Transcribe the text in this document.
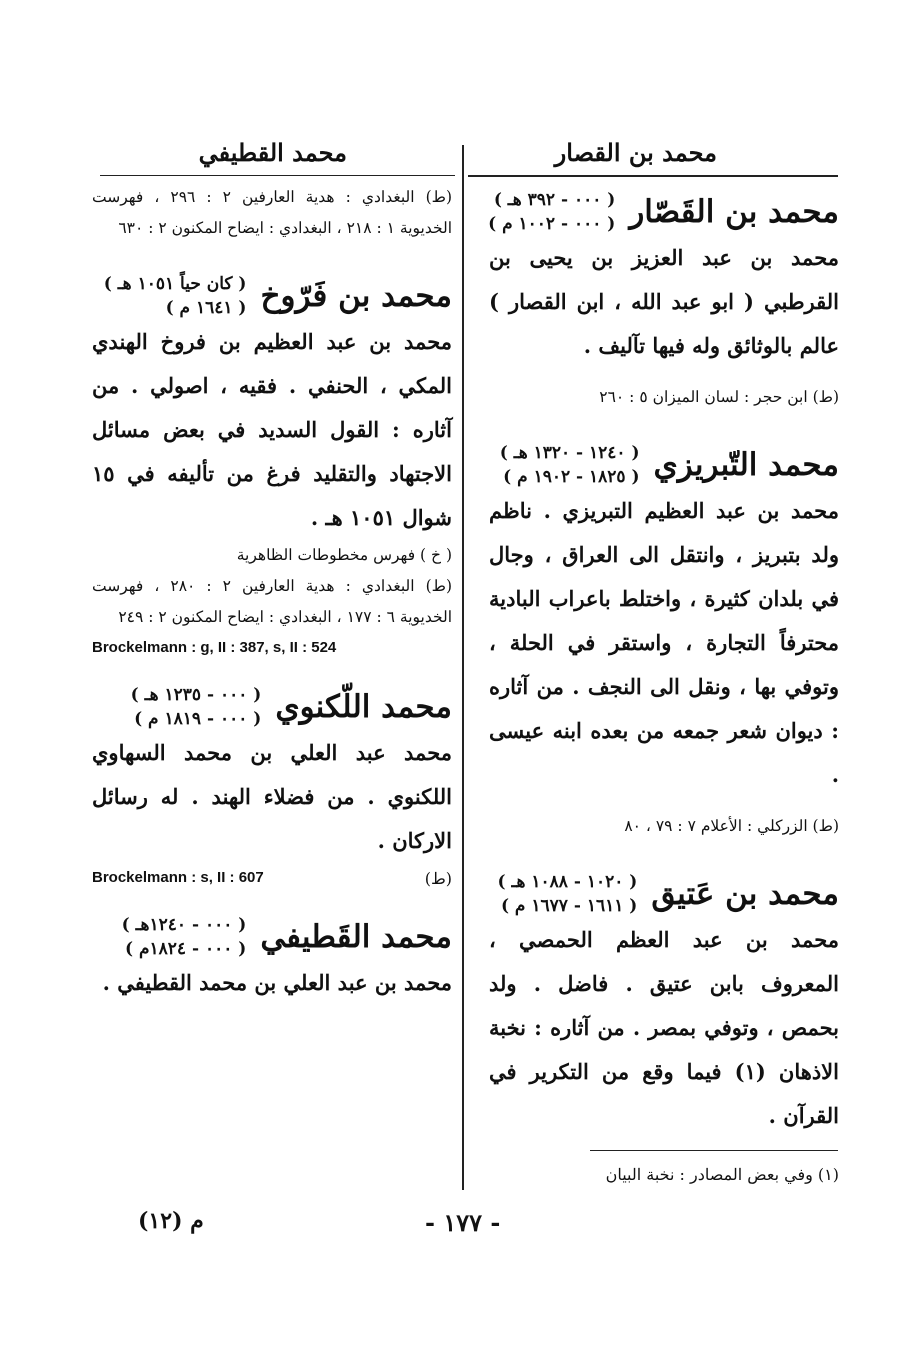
محمد بن القصار
محمد القطيفي
محمد بن القَصّار
( ٠٠٠ - ٣٩٢ هـ )
( ٠٠٠ - ١٠٠٢ م )
محمد بن عبد العزيز بن يحيى بن القرطبي ( ابو عبد الله ، ابن القصار ) عالم بالوثائق وله فيها تآليف .
(ط) ابن حجر : لسان الميزان ٥ : ٢٦٠
محمد التّبريزي
( ١٢٤٠ - ١٣٢٠ هـ )
( ١٨٢٥ - ١٩٠٢ م )
محمد بن عبد العظيم التبريزي . ناظم ولد بتبريز ، وانتقل الى العراق ، وجال في بلدان كثيرة ، واختلط باعراب البادية محترفاً التجارة ، واستقر في الحلة ، وتوفي بها ، ونقل الى النجف . من آثاره : ديوان شعر جمعه من بعده ابنه عيسى .
(ط) الزركلي : الأعلام ٧ : ٧٩ ، ٨٠
محمد بن عَتيق
( ١٠٢٠ - ١٠٨٨ هـ )
( ١٦١١ - ١٦٧٧ م )
محمد بن عبد العظم الحمصي ، المعروف بابن عتيق . فاضل . ولد بحمص ، وتوفي بمصر . من آثاره : نخبة الاذهان (١) فيما وقع من التكرير في القرآن .
(ط) البغدادي : هدية العارفين ٢ : ٢٩٦ ، فهرست الخديوية ١ : ٢١٨ ، البغدادي : ايضاح المكنون ٢ : ٦٣٠
محمد بن فَرّوخ
( كان حياً ١٠٥١ هـ )
( ١٦٤١ م )
محمد بن عبد العظيم بن فروخ الهندي المكي ، الحنفي . فقيه ، اصولي . من آثاره : القول السديد في بعض مسائل الاجتهاد والتقليد فرغ من تأليفه في ١٥ شوال ١٠٥١ هـ .
( خ ) فهرس مخطوطات الظاهرية
(ط) البغدادي : هدية العارفين ٢ : ٢٨٠ ، فهرست الخديوية ٦ : ١٧٧ ، البغدادي : ايضاح المكنون ٢ : ٢٤٩
Brockelmann : g, II : 387, s, II : 524
محمد اللّكنوي
( ٠٠٠ - ١٢٣٥ هـ )
( ٠٠٠ - ١٨١٩ م )
محمد عبد العلي بن محمد السهاوي اللكنوي . من فضلاء الهند . له رسائل الاركان .
Brockelmann : s, II : 607	(ط)
محمد القَطيفي
( ٠٠٠ - ١٢٤٠هـ )
( ٠٠٠ - ١٨٢٤م )
محمد بن عبد العلي بن محمد القطيفي .
(١) وفي بعض المصادر : نخبة البيان
- ١٧٧ -
م (١٢)
